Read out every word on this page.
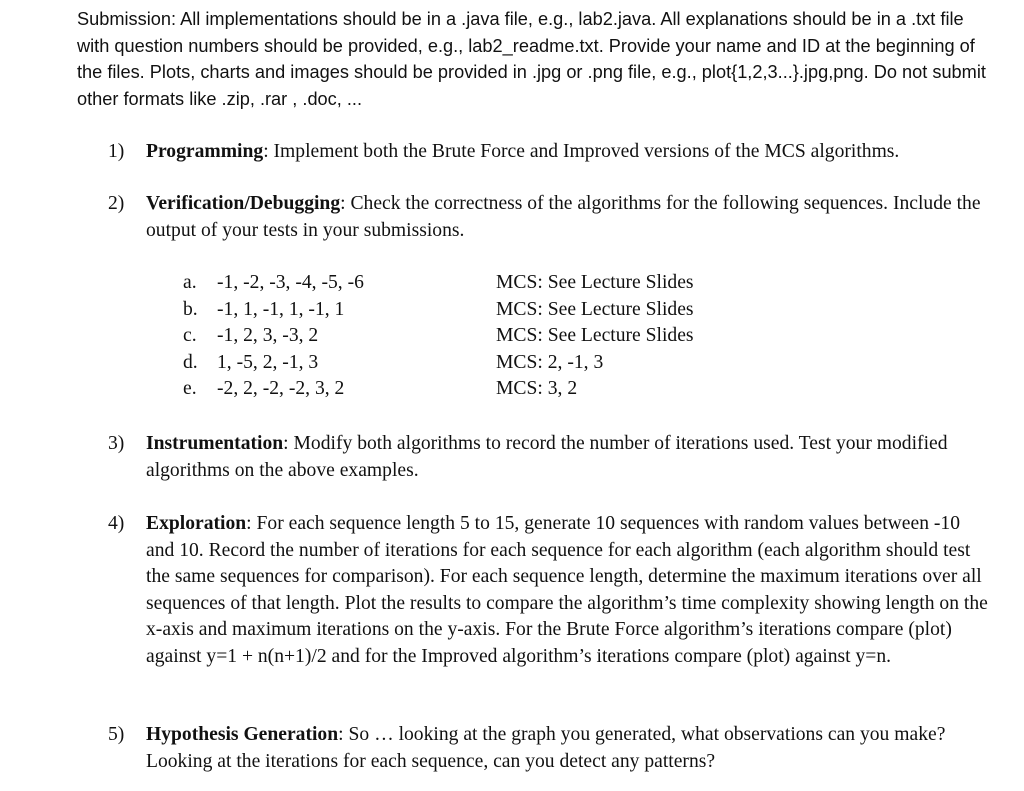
Submission: All implementations should be in a .java file, e.g., lab2.java. All explanations should be in a .txt file with question numbers should be provided, e.g., lab2_readme.txt. Provide your name and ID at the beginning of the files. Plots, charts and images should be provided in .jpg or .png file, e.g., plot{1,2,3...}.jpg,png. Do not submit other formats like .zip, .rar , .doc, ...

1) Programming: Implement both the Brute Force and Improved versions of the MCS algorithms.
2) Verification/Debugging: Check the correctness of the algorithms for the following sequences. Include the output of your tests in your submissions.
a. -1, -2, -3, -4, -5, -6	MCS: See Lecture Slides
b. -1, 1, -1, 1, -1, 1	MCS: See Lecture Slides
c. -1, 2, 3, -3, 2	MCS: See Lecture Slides
d. 1, -5, 2, -1, 3	MCS: 2, -1, 3
e. -2, 2, -2, -2, 3, 2	MCS: 3, 2
3) Instrumentation: Modify both algorithms to record the number of iterations used. Test your modified algorithms on the above examples.
4) Exploration: For each sequence length 5 to 15, generate 10 sequences with random values between -10 and 10. Record the number of iterations for each sequence for each algorithm (each algorithm should test the same sequences for comparison). For each sequence length, determine the maximum iterations over all sequences of that length. Plot the results to compare the algorithm’s time complexity showing length on the x-axis and maximum iterations on the y-axis. For the Brute Force algorithm’s iterations compare (plot) against y=1 + n(n+1)/2 and for the Improved algorithm’s iterations compare (plot) against y=n.
5) Hypothesis Generation: So … looking at the graph you generated, what observations can you make? Looking at the iterations for each sequence, can you detect any patterns?
